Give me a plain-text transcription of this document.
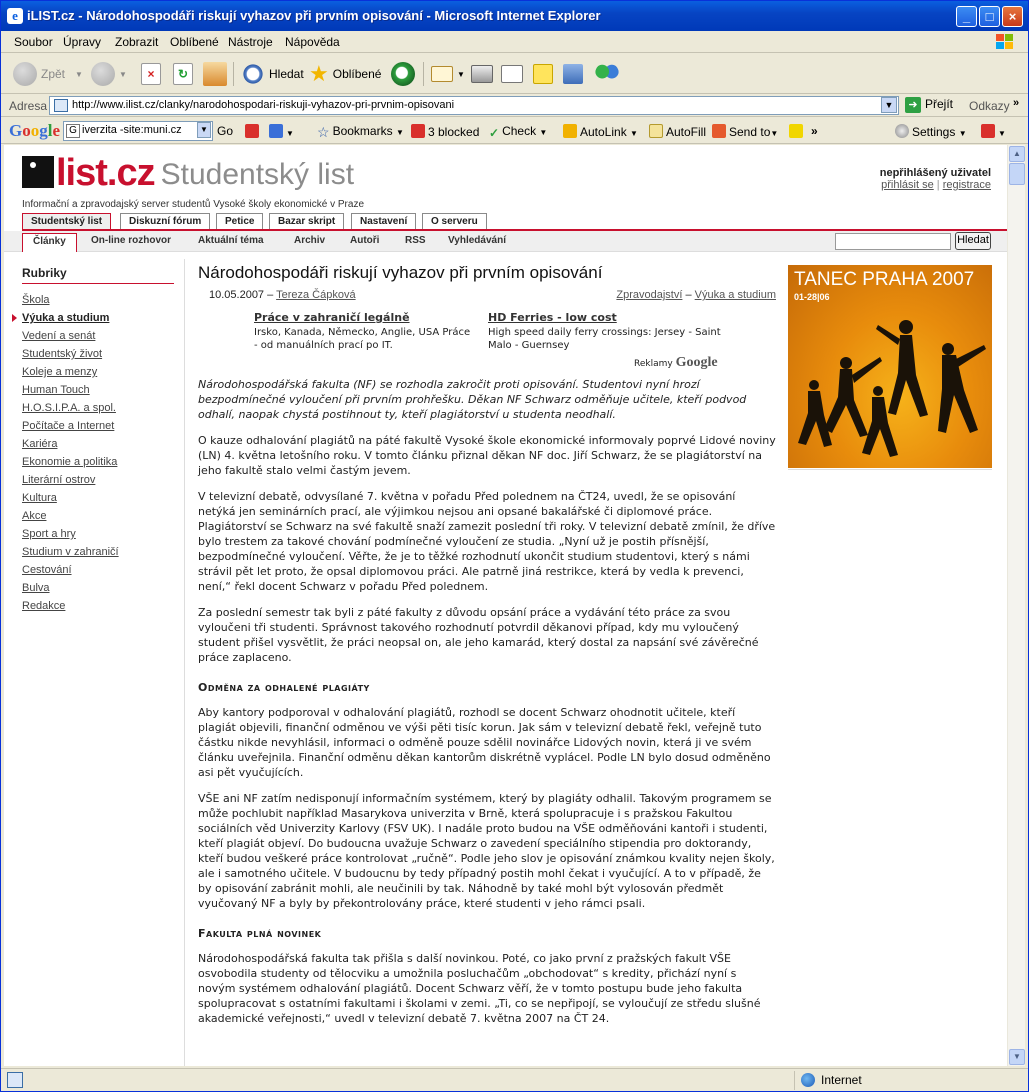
e iLIST.cz - Národohospodáři riskují vyhazov při prvním opisování - Microsoft Internet Explorer	_	□	×
Soubor Úpravy Zobrazit Oblíbené Nástroje Nápověda
Zpět ▼	▼	×	↻	Hledat ★ Oblíbené	▼
Adresa	http://www.ilist.cz/clanky/narodohospodari-riskuji-vyhazov-pri-prvnim-opisovani	▼	➜ Přejít Odkazy »
Google G iverzita -site:muni.cz	▼ Go	▼ ☆ Bookmarks ▼	3 blocked ✓ Check ▼	AutoLink ▼	AutoFill	Send to▼	»	Settings ▼	▼
list.cz Studentský list
Informační a zpravodajský server studentů Vysoké školy ekonomické v Praze
nepřihlášený uživatel
přihlásit se | registrace
Studentský list	Diskuzní fórum	Petice	Bazar skript	Nastavení	O serveru
Články	On-line rozhovor	Aktuální téma	Archiv Autoři	RSS Vyhledávání	Hledat
Rubriky
Škola
Výuka a studium
Vedení a senát
Studentský život
Koleje a menzy
Human Touch
H.O.S.I.P.A. a spol.
Počítače a Internet
Kariéra
Ekonomie a politika
Literární ostrov
Kultura
Akce
Sport a hry
Studium v zahraničí
Cestování
Bulva
Redakce
Národohospodáři riskují vyhazov při prvním opisování
10.05.2007 – Tereza Čápková	Zpravodajství – Výuka a studium
Práce v zahraničí legálně
Irsko, Kanada, Německo, Anglie, USA Práce - od manuálních prací po IT.
HD Ferries - low cost
High speed daily ferry crossings: Jersey - Saint Malo - Guernsey
Reklamy Google

Národohospodářská fakulta (NF) se rozhodla zakročit proti opisování. Studentovi nyní hrozí bezpodmínečné vyloučení při prvním prohřešku. Děkan NF Schwarz odměňuje učitele, kteří podvod odhalí, naopak chystá postihnout ty, kteří plagiátorství u studenta neodhalí.

O kauze odhalování plagiátů na páté fakultě Vysoké škole ekonomické informovaly poprvé Lidové noviny (LN) 4. května letošního roku. V tomto článku přiznal děkan NF doc. Jiří Schwarz, že se plagiátorství na jeho fakultě stalo velmi častým jevem.

V televizní debatě, odvysílané 7. května v pořadu Před polednem na ČT24, uvedl, že se opisování netýká jen seminárních prací, ale výjimkou nejsou ani opsané bakalářské či diplomové práce. Plagiátorství se Schwarz na své fakultě snaží zamezit poslední tři roky. V televizní debatě zmínil, že dříve bylo trestem za takové chování podmínečné vyloučení ze studia. „Nyní už je postih přísnější, bezpodmínečné vyloučení. Věřte, že je to těžké rozhodnutí ukončit studium studentovi, který s námi strávil pět let proto, že opsal diplomovou práci. Ale patrně jiná restrikce, která by vedla k prevenci, není,“ řekl docent Schwarz v pořadu Před polednem.

Za poslední semestr tak byli z páté fakulty z důvodu opsání práce a vydávání této práce za svou vyloučeni tři studenti. Správnost takového rozhodnutí potvrdil děkanovi případ, kdy mu vyloučený student přišel vysvětlit, že práci neopsal on, ale jeho kamarád, který dostal za napsání své závěrečné práce zaplaceno.

Odměna za odhalené plagiáty

Aby kantory podporoval v odhalování plagiátů, rozhodl se docent Schwarz ohodnotit učitele, kteří plagiát objevili, finanční odměnou ve výši pěti tisíc korun. Jak sám v televizní debatě řekl, veřejně tuto částku nikde nevyhlásil, informaci o odměně pouze sdělil novinářce Lidových novin, která ji ve svém článku uveřejnila. Finanční odměnu děkan kantorům diskrétně vyplácel. Podle LN bylo dosud odměněno asi pět vyučujících.

VŠE ani NF zatím nedisponují informačním systémem, který by plagiáty odhalil. Takovým programem se může pochlubit například Masarykova univerzita v Brně, která spolupracuje i s pražskou Fakultou sociálních věd Univerzity Karlovy (FSV UK). I nadále proto budou na VŠE odměňováni kantoři i studenti, kteří plagiát objeví. Do budoucna uvažuje Schwarz o zavedení speciálního stipendia pro doktorandy, kteří budou veškeré práce kontrolovat „ručně“. Podle jeho slov je opisování známkou kvality nejen školy, ale i samotného učitele. V budoucnu by tedy případný postih mohl čekat i vyučující. A to v případě, že by opisování zabránit mohli, ale neučinili by tak. Náhodně by také mohl být vylosován předmět vyučovaný NF a byly by překontrolovány práce, které studenti v jeho rámci psali.

Fakulta plná novinek

Národohospodářská fakulta tak přišla s další novinkou. Poté, co jako první z pražských fakult VŠE osvobodila studenty od tělocviku a umožnila posluchačům „obchodovat“ s kredity, přichází nyní s novým systémem odhalování plagiátů. Docent Schwarz věří, že v tomto postupu bude jeho fakulta spolupracovat s ostatními fakultami i školami v zemi. „Ti, co se nepřipojí, se vyloučují ze středu slušné akademické veřejnosti,“ uvedl v televizní debatě 7. května 2007 na ČT 24.

TANEC PRAHA 2007
01-28|06
▲
▼
Internet
